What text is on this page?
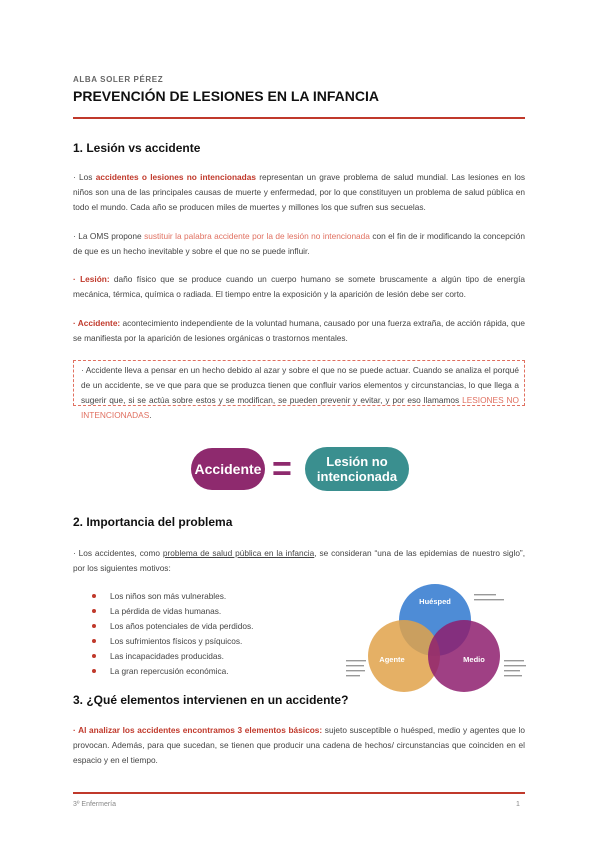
ALBA SOLER PÉREZ
PREVENCIÓN DE LESIONES EN LA INFANCIA
1. Lesión vs accidente
· Los accidentes o lesiones no intencionadas representan un grave problema de salud mundial. Las lesiones en los niños son una de las principales causas de muerte y enfermedad, por lo que constituyen un problema de salud pública en todo el mundo. Cada año se producen miles de muertes y millones los que sufren sus secuelas.
· La OMS propone sustituir la palabra accidente por la de lesión no intencionada con el fin de ir modificando la concepción de que es un hecho inevitable y sobre el que no se puede influir.
· Lesión: daño físico que se produce cuando un cuerpo humano se somete bruscamente a algún tipo de energía mecánica, térmica, química o radiada. El tiempo entre la exposición y la aparición de lesión debe ser corto.
· Accidente: acontecimiento independiente de la voluntad humana, causado por una fuerza extraña, de acción rápida, que se manifiesta por la aparición de lesiones orgánicas o trastornos mentales.
· Accidente lleva a pensar en un hecho debido al azar y sobre el que no se puede actuar. Cuando se analiza el porqué de un accidente, se ve que para que se produzca tienen que confluir varios elementos y circunstancias, lo que llega a sugerir que, si se actúa sobre estos y se modifican, se pueden prevenir y evitar, y por eso llamamos LESIONES NO INTENCIONADAS.
Accidente =	Lesión no
intencionada
2. Importancia del problema
· Los accidentes, como problema de salud pública en la infancia, se consideran “una de las epidemias de nuestro siglo”, por los siguientes motivos:
Los niños son más vulnerables.
La pérdida de vidas humanas.
Los años potenciales de vida perdidos.
Los sufrimientos físicos y psíquicos.
Las incapacidades producidas.
La gran repercusión económica.
Huésped
Agente	Medio
3. ¿Qué elementos intervienen en un accidente?
· Al analizar los accidentes encontramos 3 elementos básicos: sujeto susceptible o huésped, medio y agentes que lo provocan. Además, para que sucedan, se tienen que producir una cadena de hechos/ circunstancias que coinciden en el espacio y en el tiempo.
3º Enfermería	1
